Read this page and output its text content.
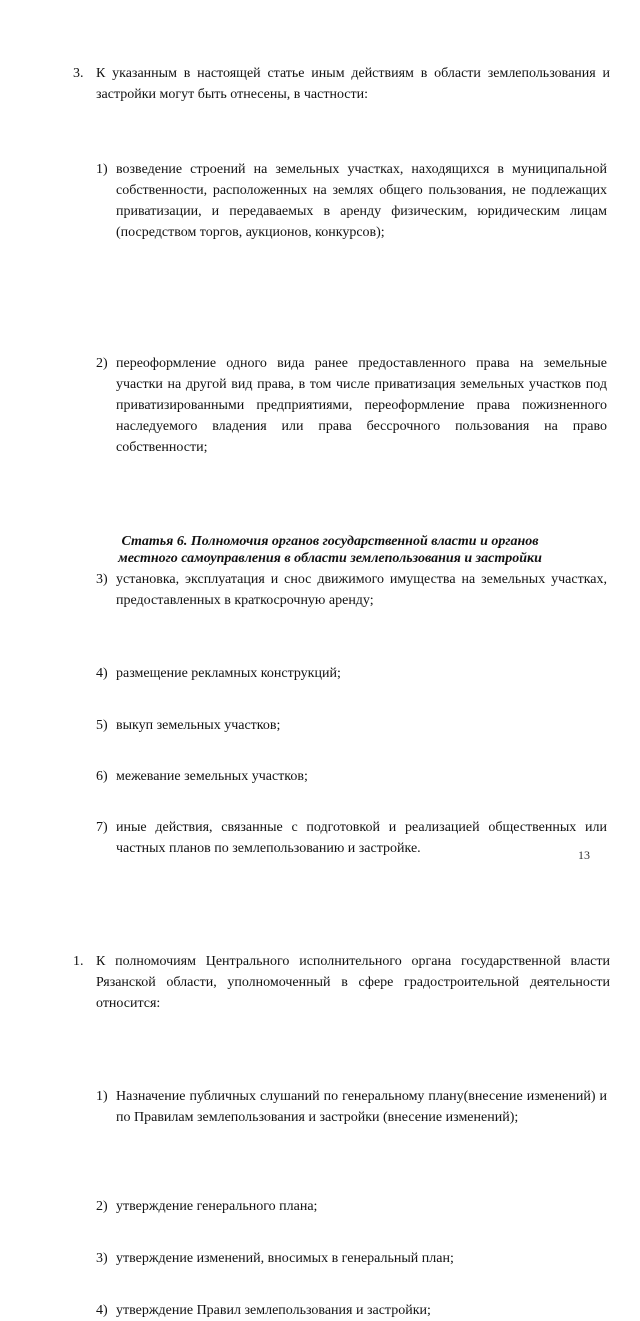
3. К указанным в настоящей статье иным действиям в области землепользования и застройки могут быть отнесены, в частности:
1) возведение строений на земельных участках, находящихся в муниципальной собственности, расположенных на землях общего пользования, не подлежащих приватизации, и передаваемых в аренду физическим, юридическим лицам (посредством торгов, аукционов, конкурсов);
2) переоформление одного вида ранее предоставленного права на земельные участки на другой вид права, в том числе приватизация земельных участков под приватизированными предприятиями, переоформление права пожизненного наследуемого владения или права бессрочного пользования на право собственности;
3) установка, эксплуатация и снос движимого имущества на земельных участках, предоставленных в краткосрочную аренду;
4) размещение рекламных конструкций;
5) выкуп земельных участков;
6) межевание земельных участков;
7) иные действия, связанные с подготовкой и реализацией общественных или частных планов по землепользованию и застройке.
Статья 6. Полномочия органов государственной власти и органов
местного самоуправления в области землепользования и застройки
1. К полномочиям Центрального исполнительного органа государственной власти Рязанской области, уполномоченный в сфере градостроительной деятельности относится:
1) Назначение публичных слушаний по генеральному плану(внесение изменений) и по Правилам землепользования и застройки (внесение изменений);
2) утверждение генерального плана;
3) утверждение изменений, вносимых в генеральный план;
4) утверждение Правил землепользования и застройки;
13
